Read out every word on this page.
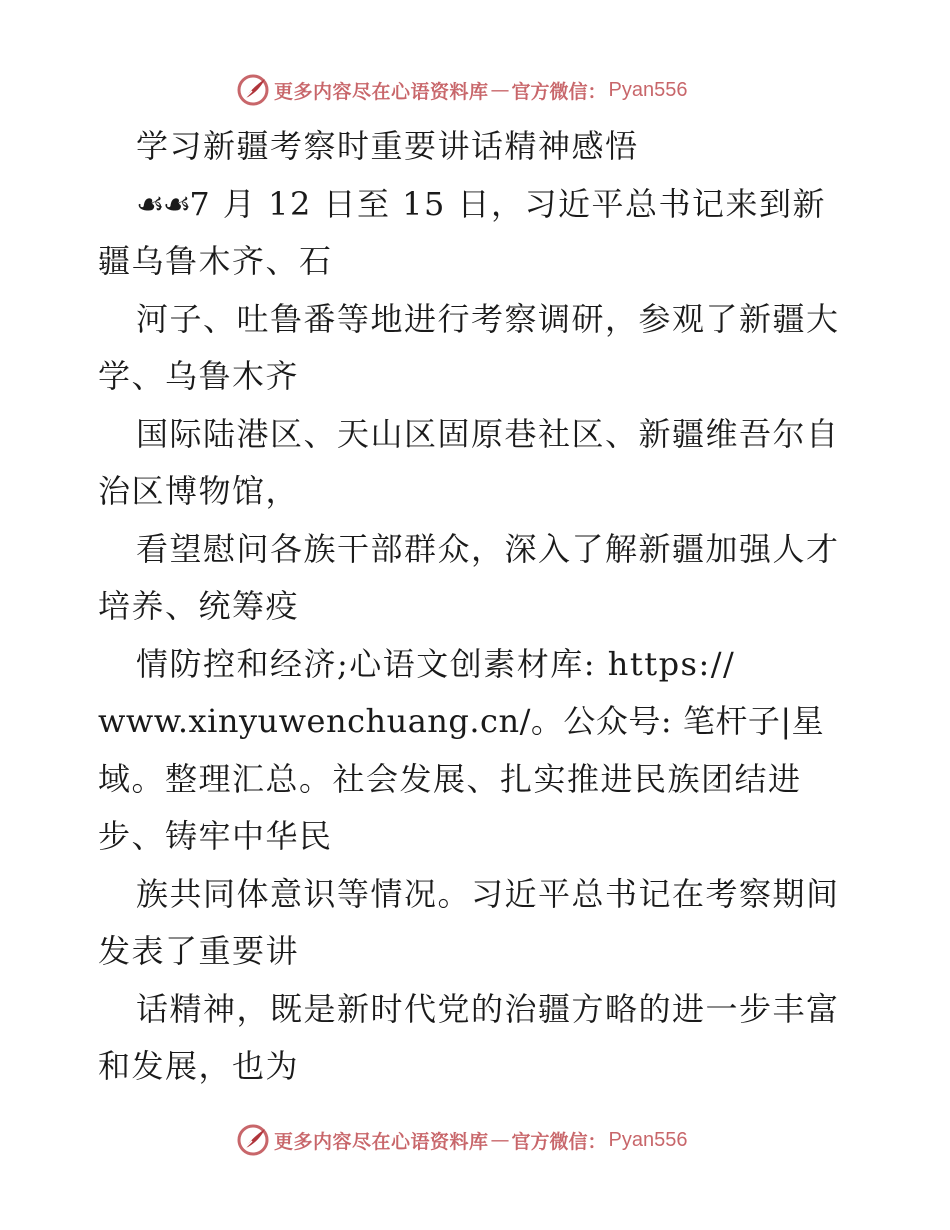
更多内容尽在心语资料库 — 官方微信： Pyan556
学习新疆考察时重要讲话精神感悟
☙☙7 月 12 日至 15 日，习近平总书记来到新
疆乌鲁木齐、石
河子、吐鲁番等地进行考察调研，参观了新疆大
学、乌鲁木齐
国际陆港区、天山区固原巷社区、新疆维吾尔自
治区博物馆，
看望慰问各族干部群众，深入了解新疆加强人才
培养、统筹疫
情防控和经济;心语文创素材库: https://
www.xinyuwenchuang.cn/。公众号: 笔杆子|星
域。整理汇总。社会发展、扎实推进民族团结进
步、铸牢中华民
族共同体意识等情况。习近平总书记在考察期间
发表了重要讲
话精神，既是新时代党的治疆方略的进一步丰富
和发展，也为
更多内容尽在心语资料库 — 官方微信： Pyan556
